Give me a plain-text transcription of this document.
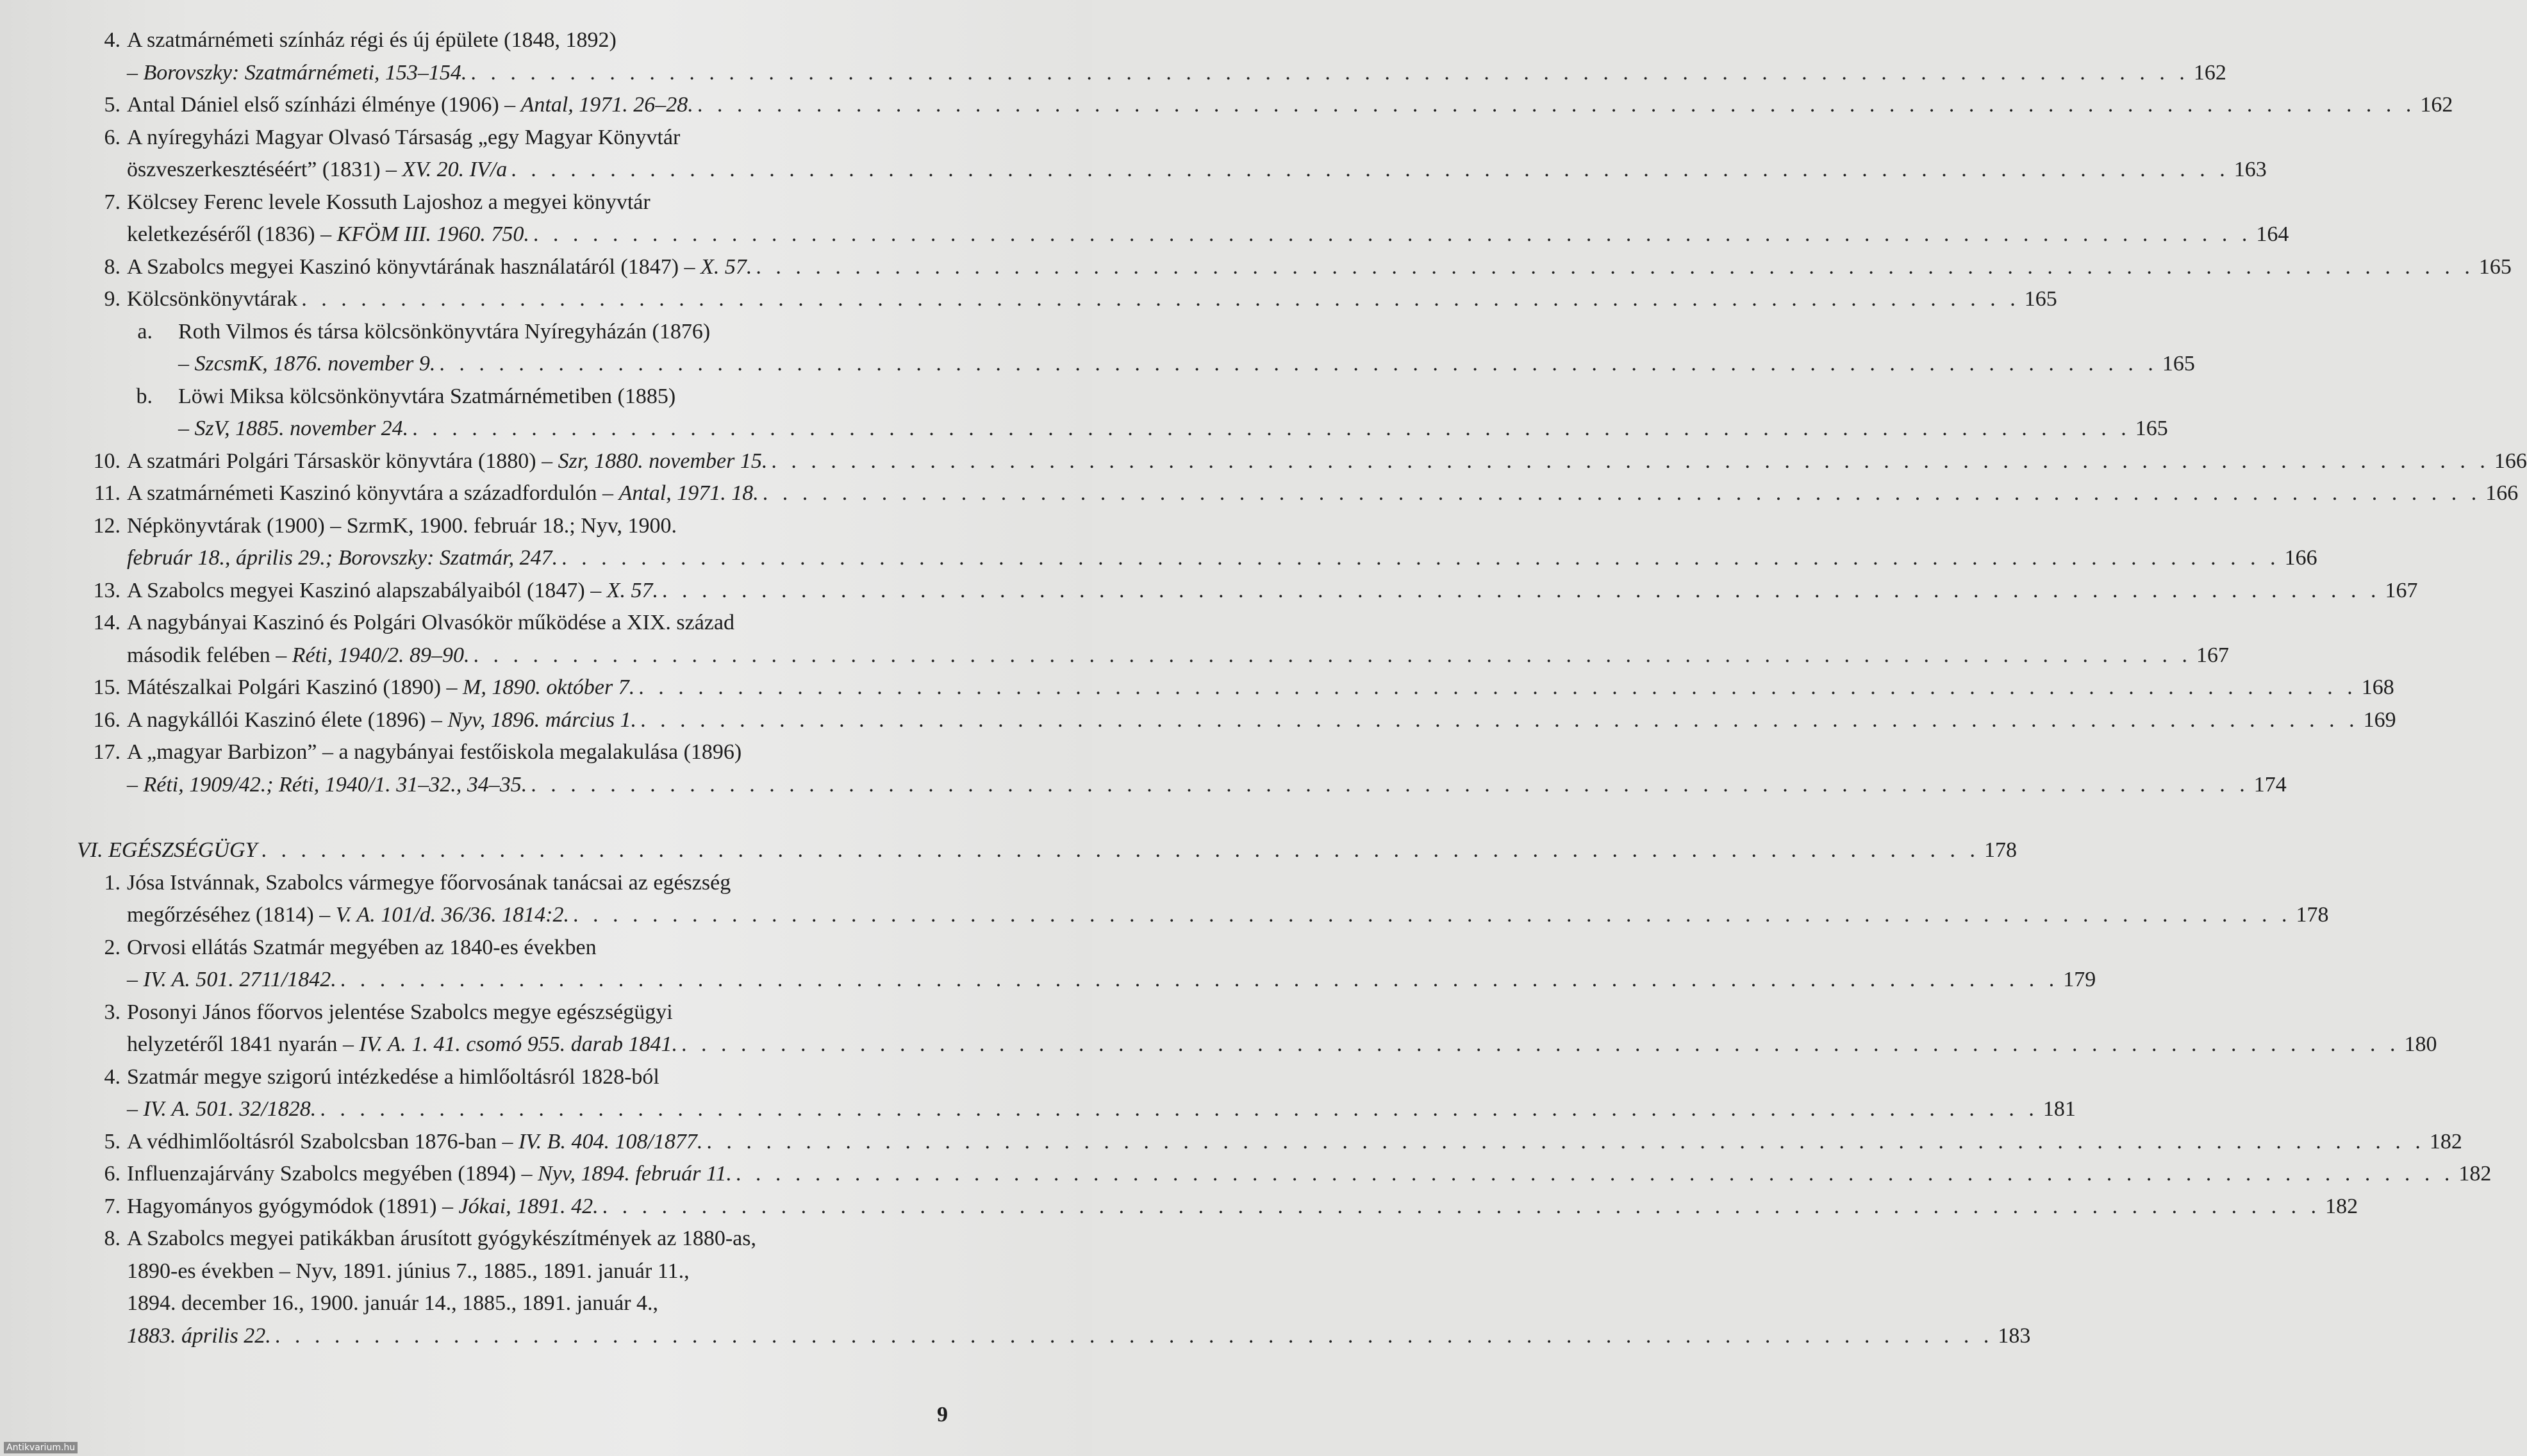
4. A szatmárnémeti színház régi és új épülete (1848, 1892)
– Borovszky: Szatmárnémeti, 153–154. . . . . . . . . . . . . . . . . . . . . . . . . . . . . . . . . . . . . . . . . . . . . . . . . . . . . . . . . . . . . . . . . . . . . . . . . . . . . . . . . . . . . . . . 162
5. Antal Dániel első színházi élménye (1906) – Antal, 1971. 26–28. . . . . . . . . . . . . . . . . . . . . . . . . . . . . . . . . . . . . . . . . . . . . . . . . . . . . . . . . . . . . . . . . . . . . . . . . . . . . . . . . . . . . . . . 162
6. A nyíregyházi Magyar Olvasó Társaság „egy Magyar Könyvtár
öszveszerkesztéséért” (1831) – XV. 20. IV/a . . . . . . . . . . . . . . . . . . . . . . . . . . . . . . . . . . . . . . . . . . . . . . . . . . . . . . . . . . . . . . . . . . . . . . . . . . . . . . . . . . . . . . . 163
7. Kölcsey Ferenc levele Kossuth Lajoshoz a megyei könyvtár
keletkezéséről (1836) – KFÖM III. 1960. 750. . . . . . . . . . . . . . . . . . . . . . . . . . . . . . . . . . . . . . . . . . . . . . . . . . . . . . . . . . . . . . . . . . . . . . . . . . . . . . . . . . . . . . . . 164
8. A Szabolcs megyei Kaszinó könyvtárának használatáról (1847) – X. 57. . . . . . . . . . . . . . . . . . . . . . . . . . . . . . . . . . . . . . . . . . . . . . . . . . . . . . . . . . . . . . . . . . . . . . . . . . . . . . . . . . . . . . . . 165
9. Kölcsönkönyvtárak . . . . . . . . . . . . . . . . . . . . . . . . . . . . . . . . . . . . . . . . . . . . . . . . . . . . . . . . . . . . . . . . . . . . . . . . . . . . . . . . . . . . . . . 165
a. Roth Vilmos és társa kölcsönkönyvtára Nyíregyházán (1876)
– SzcsmK, 1876. november 9. . . . . . . . . . . . . . . . . . . . . . . . . . . . . . . . . . . . . . . . . . . . . . . . . . . . . . . . . . . . . . . . . . . . . . . . . . . . . . . . . . . . . . . . 165
b. Löwi Miksa kölcsönkönyvtára Szatmárnémetiben (1885)
– SzV, 1885. november 24. . . . . . . . . . . . . . . . . . . . . . . . . . . . . . . . . . . . . . . . . . . . . . . . . . . . . . . . . . . . . . . . . . . . . . . . . . . . . . . . . . . . . . . . 165
10. A szatmári Polgári Társaskör könyvtára (1880) – Szr, 1880. november 15. . . . . . . . . . . . . . . . . . . . . . . . . . . . . . . . . . . . . . . . . . . . . . . . . . . . . . . . . . . . . . . . . . . . . . . . . . . . . . . . . . . . . . . . 166
11. A szatmárnémeti Kaszinó könyvtára a századfordulón – Antal, 1971. 18. . . . . . . . . . . . . . . . . . . . . . . . . . . . . . . . . . . . . . . . . . . . . . . . . . . . . . . . . . . . . . . . . . . . . . . . . . . . . . . . . . . . . . . . 166
12. Népkönyvtárak (1900) – SzrmK, 1900. február 18.; Nyv, 1900.
február 18., április 29.; Borovszky: Szatmár, 247. . . . . . . . . . . . . . . . . . . . . . . . . . . . . . . . . . . . . . . . . . . . . . . . . . . . . . . . . . . . . . . . . . . . . . . . . . . . . . . . . . . . . . . . 166
13. A Szabolcs megyei Kaszinó alapszabályaiból (1847) – X. 57. . . . . . . . . . . . . . . . . . . . . . . . . . . . . . . . . . . . . . . . . . . . . . . . . . . . . . . . . . . . . . . . . . . . . . . . . . . . . . . . . . . . . . . . 167
14. A nagybányai Kaszinó és Polgári Olvasókör működése a XIX. század
második felében – Réti, 1940/2. 89–90. . . . . . . . . . . . . . . . . . . . . . . . . . . . . . . . . . . . . . . . . . . . . . . . . . . . . . . . . . . . . . . . . . . . . . . . . . . . . . . . . . . . . . . . 167
15. Mátészalkai Polgári Kaszinó (1890) – M, 1890. október 7. . . . . . . . . . . . . . . . . . . . . . . . . . . . . . . . . . . . . . . . . . . . . . . . . . . . . . . . . . . . . . . . . . . . . . . . . . . . . . . . . . . . . . . . 168
16. A nagykállói Kaszinó élete (1896) – Nyv, 1896. március 1. . . . . . . . . . . . . . . . . . . . . . . . . . . . . . . . . . . . . . . . . . . . . . . . . . . . . . . . . . . . . . . . . . . . . . . . . . . . . . . . . . . . . . . . 169
17. A „magyar Barbizon” – a nagybányai festőiskola megalakulása (1896)
– Réti, 1909/42.; Réti, 1940/1. 31–32., 34–35. . . . . . . . . . . . . . . . . . . . . . . . . . . . . . . . . . . . . . . . . . . . . . . . . . . . . . . . . . . . . . . . . . . . . . . . . . . . . . . . . . . . . . . . 174
VI. EGÉSZSÉGÜGY . . . . . . . . . . . . . . . . . . . . . . . . . . . . . . . . . . . . . . . . . . . . . . . . . . . . . . . . . . . . . . . . . . . . . . . . . . . . . . . . . . . . . . . 178
1. Jósa Istvánnak, Szabolcs vármegye főorvosának tanácsai az egészség
megőrzéséhez (1814) – V. A. 101/d. 36/36. 1814:2. . . . . . . . . . . . . . . . . . . . . . . . . . . . . . . . . . . . . . . . . . . . . . . . . . . . . . . . . . . . . . . . . . . . . . . . . . . . . . . . . . . . . . . . 178
2. Orvosi ellátás Szatmár megyében az 1840-es években
– IV. A. 501. 2711/1842. . . . . . . . . . . . . . . . . . . . . . . . . . . . . . . . . . . . . . . . . . . . . . . . . . . . . . . . . . . . . . . . . . . . . . . . . . . . . . . . . . . . . . . . 179
3. Posonyi János főorvos jelentése Szabolcs megye egészségügyi
helyzetéről 1841 nyarán – IV. A. 1. 41. csomó 955. darab 1841. . . . . . . . . . . . . . . . . . . . . . . . . . . . . . . . . . . . . . . . . . . . . . . . . . . . . . . . . . . . . . . . . . . . . . . . . . . . . . . . . . . . . . . . 180
4. Szatmár megye szigorú intézkedése a himlőoltásról 1828-ból
– IV. A. 501. 32/1828. . . . . . . . . . . . . . . . . . . . . . . . . . . . . . . . . . . . . . . . . . . . . . . . . . . . . . . . . . . . . . . . . . . . . . . . . . . . . . . . . . . . . . . . 181
5. A védhimlőoltásról Szabolcsban 1876-ban – IV. B. 404. 108/1877. . . . . . . . . . . . . . . . . . . . . . . . . . . . . . . . . . . . . . . . . . . . . . . . . . . . . . . . . . . . . . . . . . . . . . . . . . . . . . . . . . . . . . . . 182
6. Influenzajárvány Szabolcs megyében (1894) – Nyv, 1894. február 11. . . . . . . . . . . . . . . . . . . . . . . . . . . . . . . . . . . . . . . . . . . . . . . . . . . . . . . . . . . . . . . . . . . . . . . . . . . . . . . . . . . . . . . . 182
7. Hagyományos gyógymódok (1891) – Jókai, 1891. 42. . . . . . . . . . . . . . . . . . . . . . . . . . . . . . . . . . . . . . . . . . . . . . . . . . . . . . . . . . . . . . . . . . . . . . . . . . . . . . . . . . . . . . . . 182
8. A Szabolcs megyei patikákban árusított gyógykészítmények az 1880-as,
1890-es években – Nyv, 1891. június 7., 1885., 1891. január 11.,
1894. december 16., 1900. január 14., 1885., 1891. január 4.,
1883. április 22. . . . . . . . . . . . . . . . . . . . . . . . . . . . . . . . . . . . . . . . . . . . . . . . . . . . . . . . . . . . . . . . . . . . . . . . . . . . . . . . . . . . . . . . 183
9
Antikvarium.hu
